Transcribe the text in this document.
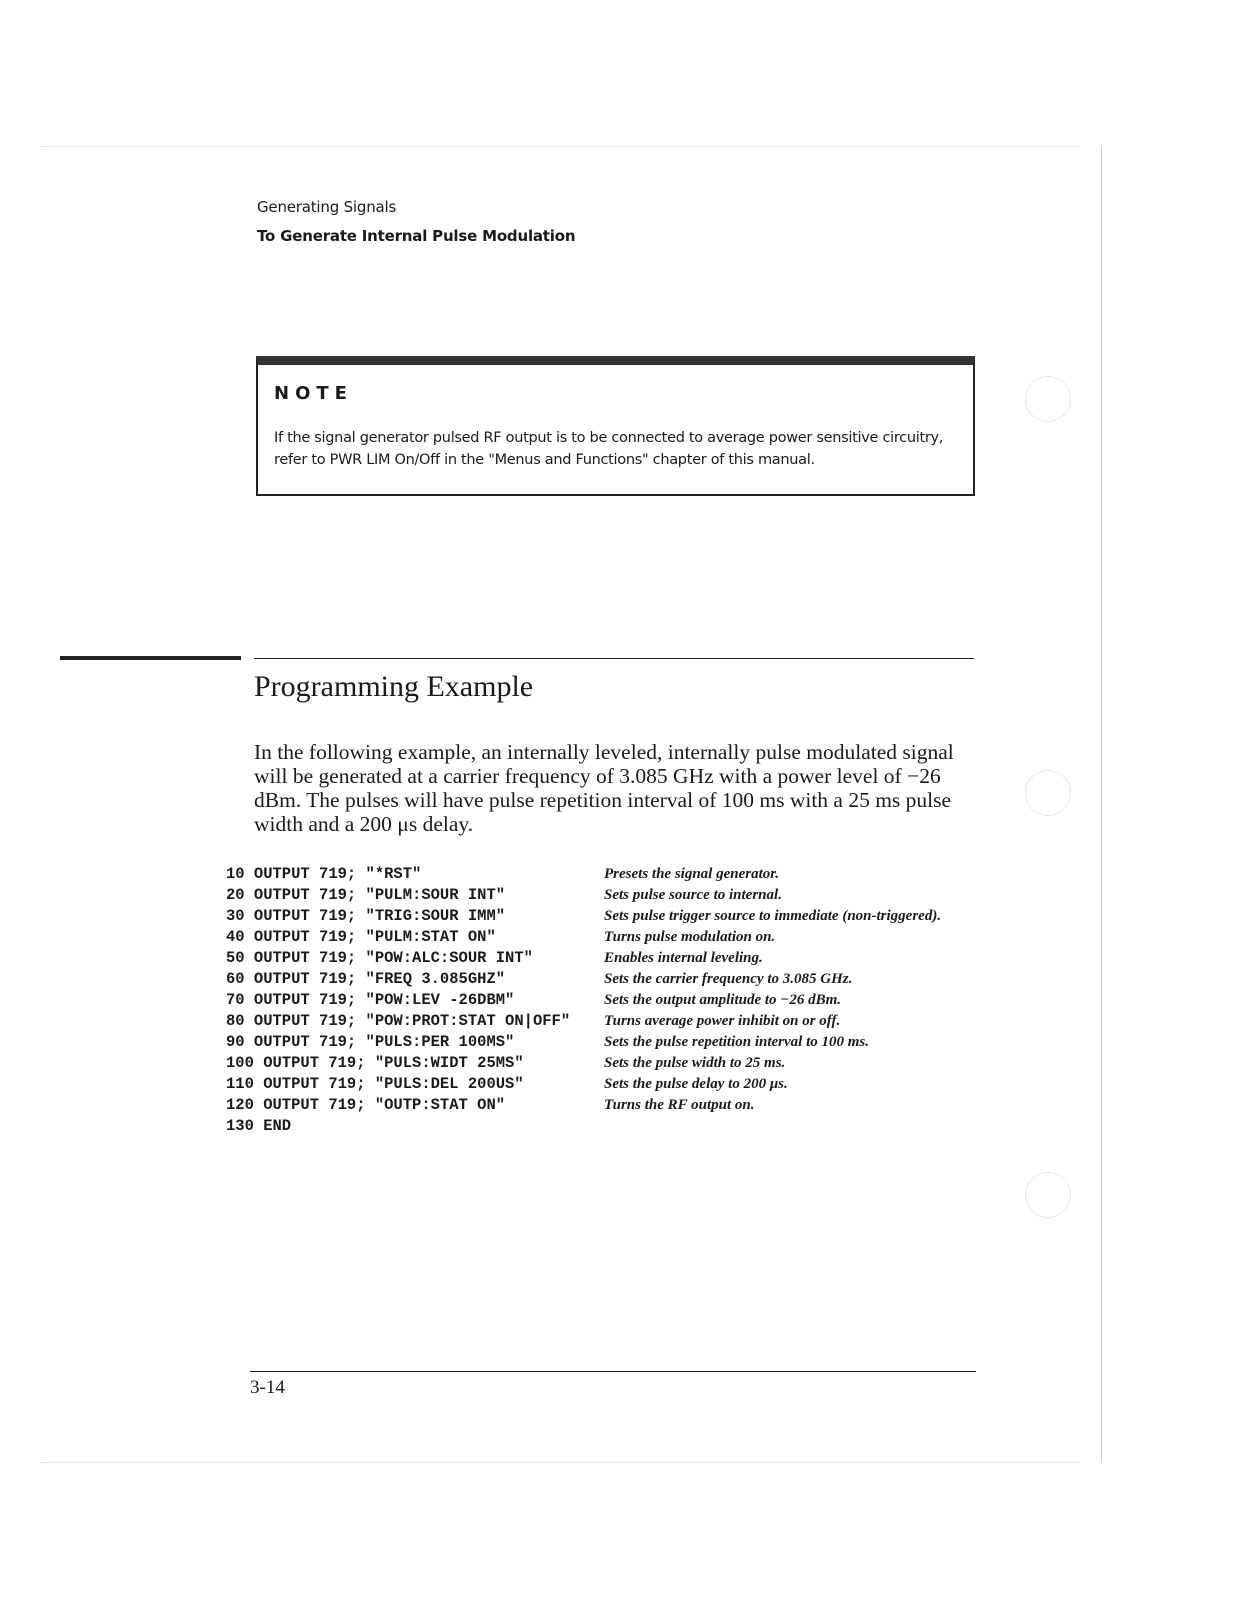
Generating Signals
To Generate Internal Pulse Modulation
NOTE
If the signal generator pulsed RF output is to be connected to average power sensitive circuitry, refer to PWR LIM On/Off in the "Menus and Functions" chapter of this manual.
Programming Example
In the following example, an internally leveled, internally pulse modulated signal will be generated at a carrier frequency of 3.085 GHz with a power level of −26 dBm. The pulses will have pulse repetition interval of 100 ms with a 25 ms pulse width and a 200 μs delay.
10 OUTPUT 719; "*RST"	Presets the signal generator.
20 OUTPUT 719; "PULM:SOUR INT"	Sets pulse source to internal.
30 OUTPUT 719; "TRIG:SOUR IMM"	Sets pulse trigger source to immediate (non-triggered).
40 OUTPUT 719; "PULM:STAT ON"	Turns pulse modulation on.
50 OUTPUT 719; "POW:ALC:SOUR INT"	Enables internal leveling.
60 OUTPUT 719; "FREQ 3.085GHZ"	Sets the carrier frequency to 3.085 GHz.
70 OUTPUT 719; "POW:LEV -26DBM"	Sets the output amplitude to −26 dBm.
80 OUTPUT 719; "POW:PROT:STAT ON|OFF" Turns average power inhibit on or off.
90 OUTPUT 719; "PULS:PER 100MS"	Sets the pulse repetition interval to 100 ms.
100 OUTPUT 719; "PULS:WIDT 25MS"	Sets the pulse width to 25 ms.
110 OUTPUT 719; "PULS:DEL 200US"	Sets the pulse delay to 200 μs.
120 OUTPUT 719; "OUTP:STAT ON"	Turns the RF output on.
130 END
3-14
